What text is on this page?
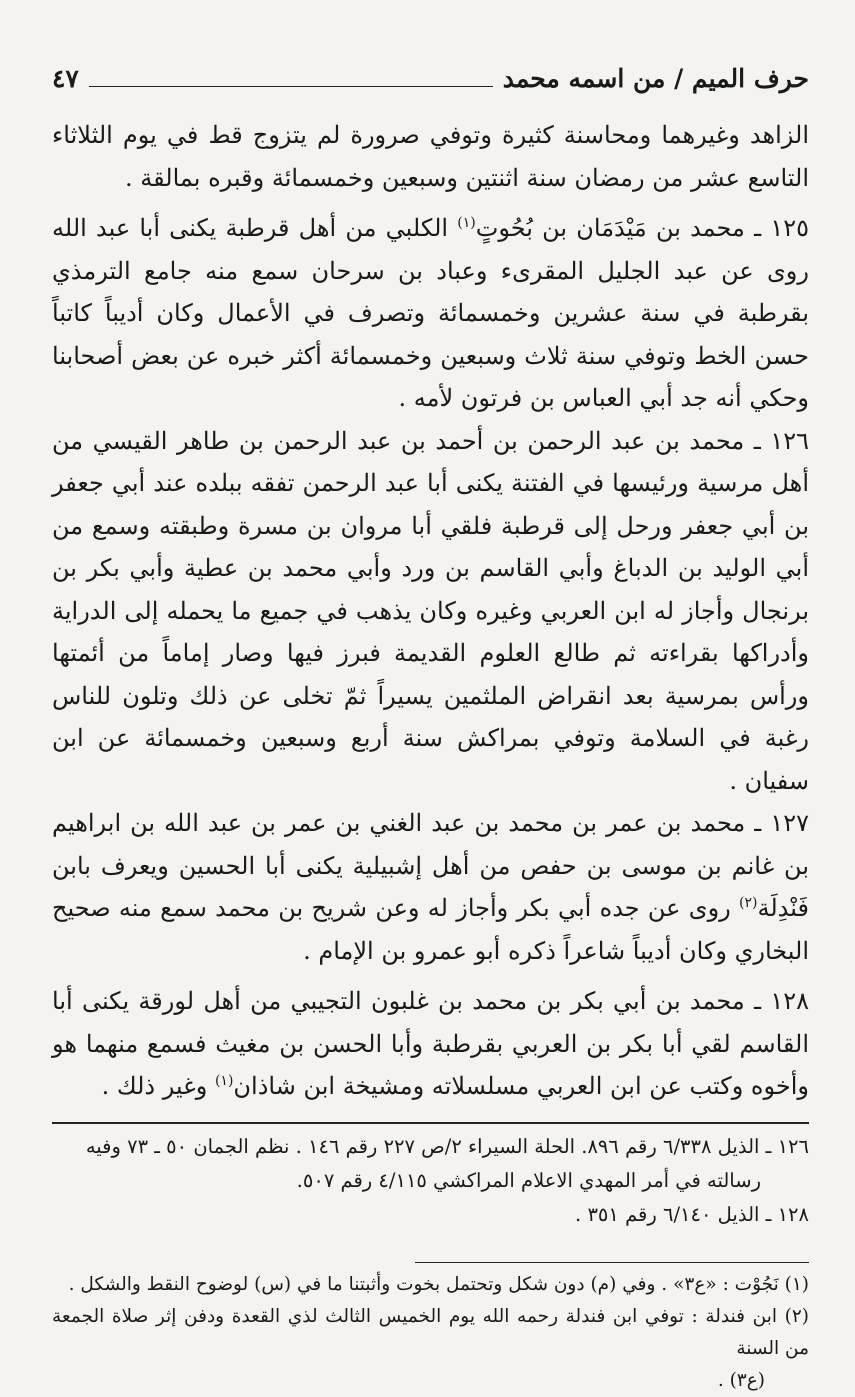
حرف الميم / من اسمه محمد
٤٧

الزاهد وغيرهما ومحاسنة كثيرة وتوفي صرورة لم يتزوج قط في يوم الثلاثاء التاسع عشر من رمضان سنة اثنتين وسبعين وخمسمائة وقبره بمالقة .

١٢٥ ـ محمد بن مَيْدَمَان بن بُحُوتٍ$^{(١)}$ الكلبي من أهل قرطبة يكنى أبا عبد الله روى عن عبد الجليل المقرىء وعباد بن سرحان سمع منه جامع الترمذي بقرطبة في سنة عشرين وخمسمائة وتصرف في الأعمال وكان أديباً كاتباً حسن الخط وتوفي سنة ثلاث وسبعين وخمسمائة أكثر خبره عن بعض أصحابنا وحكي أنه جد أبي العباس بن فرتون لأمه .

١٢٦ ـ محمد بن عبد الرحمن بن أحمد بن عبد الرحمن بن طاهر القيسي من أهل مرسية ورئيسها في الفتنة يكنى أبا عبد الرحمن تفقه ببلده عند أبي جعفر بن أبي جعفر ورحل إلى قرطبة فلقي أبا مروان بن مسرة وطبقته وسمع من أبي الوليد بن الدباغ وأبي القاسم بن ورد وأبي محمد بن عطية وأبي بكر بن برنجال وأجاز له ابن العربي وغيره وكان يذهب في جميع ما يحمله إلى الدراية وأدراكها بقراءته ثم طالع العلوم القديمة فبرز فيها وصار إماماً من أئمتها ورأس بمرسية بعد انقراض الملثمين يسيراً ثمّ تخلى عن ذلك وتلون للناس رغبة في السلامة وتوفي بمراكش سنة أربع وسبعين وخمسمائة عن ابن سفيان .

١٢٧ ـ محمد بن عمر بن محمد بن عبد الغني بن عمر بن عبد الله بن ابراهيم بن غانم بن موسى بن حفص من أهل إشبيلية يكنى أبا الحسين ويعرف بابن فَنْدِلَة$^{(٢)}$ روى عن جده أبي بكر وأجاز له وعن شريح بن محمد سمع منه صحيح البخاري وكان أديباً شاعراً ذكره أبو عمرو بن الإمام .

١٢٨ ـ محمد بن أبي بكر بن محمد بن غلبون التجيبي من أهل لورقة يكنى أبا القاسم لقي أبا بكر بن العربي بقرطبة وأبا الحسن بن مغيث فسمع منهما هو وأخوه وكتب عن ابن العربي مسلسلاته ومشيخة ابن شاذان$^{(١)}$ وغير ذلك .

١٢٦ ـ الذيل ٦/٣٣٨ رقم ٨٩٦. الحلة السيراء ٢/ص ٢٢٧ رقم ١٤٦ . نظم الجمان ٥٠ ـ ٧٣ وفيه

رسالته في أمر المهدي الاعلام المراكشي ٤/١١٥ رقم ٥٠٧.

١٢٨ ـ الذيل ٦/١٤٠ رقم ٣٥١ .

(١) نَجُوْت : «ع٣» . وفي (م) دون شكل وتحتمل بخوت وأثبتنا ما في (س) لوضوح النقط والشكل .

(٢) ابن فندلة : توفي ابن فندلة رحمه الله يوم الخميس الثالث لذي القعدة ودفن إثر صلاة الجمعة من السنة

(ع٣) .
